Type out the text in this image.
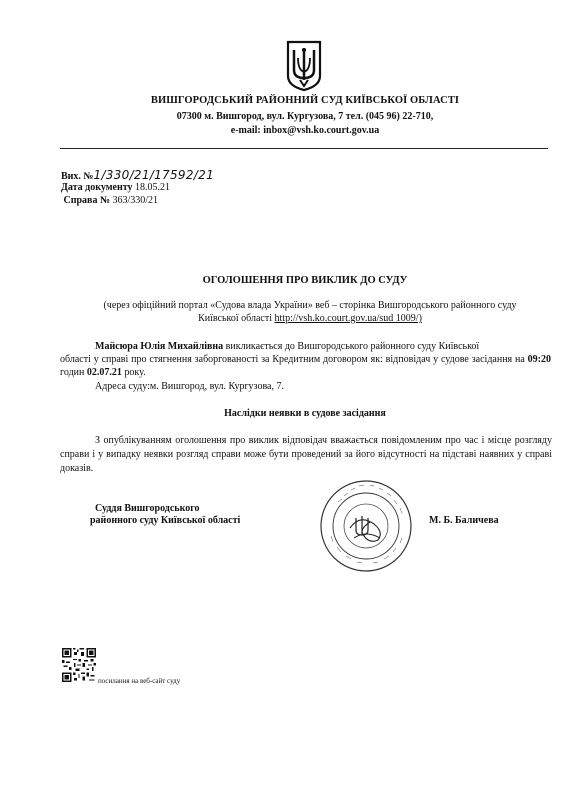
ВИШГОРОДСЬКИЙ РАЙОННИЙ СУД КИЇВСЬКОЇ ОБЛАСТІ
07300 м. Вишгород, вул. Кургузова, 7 тел. (045 96) 22-710,
e-mail: inbox@vsh.ko.court.gov.ua
Вих. №1/330/21/17592/21
Дата документу 18.05.21
Справа № 363/330/21
ОГОЛОШЕННЯ ПРО ВИКЛИК ДО СУДУ
(через офіційний портал «Судова влада України» веб – сторінка Вишгородського районного суду
Київської області http://vsh.ko.court.gov.ua/sud 1009/)
Майсюра Юлія Михайлівна викликається до Вишгородського районного суду Київської
області у справі про стягнення заборгованості за Кредитним договором як: відповідач у судове засідання на 09:20 годин 02.07.21 року.
Адреса суду:м. Вишгород, вул. Кургузова, 7.
Наслідки неявки в судове засідання
З опублікуванням оголошення про виклик відповідач вважається повідомленим про час і місце розгляду справи і у випадку неявки розгляд справи може бути проведений за його відсутності на підставі наявних у справі доказів.
Суддя Вишгородського
районного суду Київської області	М. Б. Баличева
посилання на веб-сайт суду
